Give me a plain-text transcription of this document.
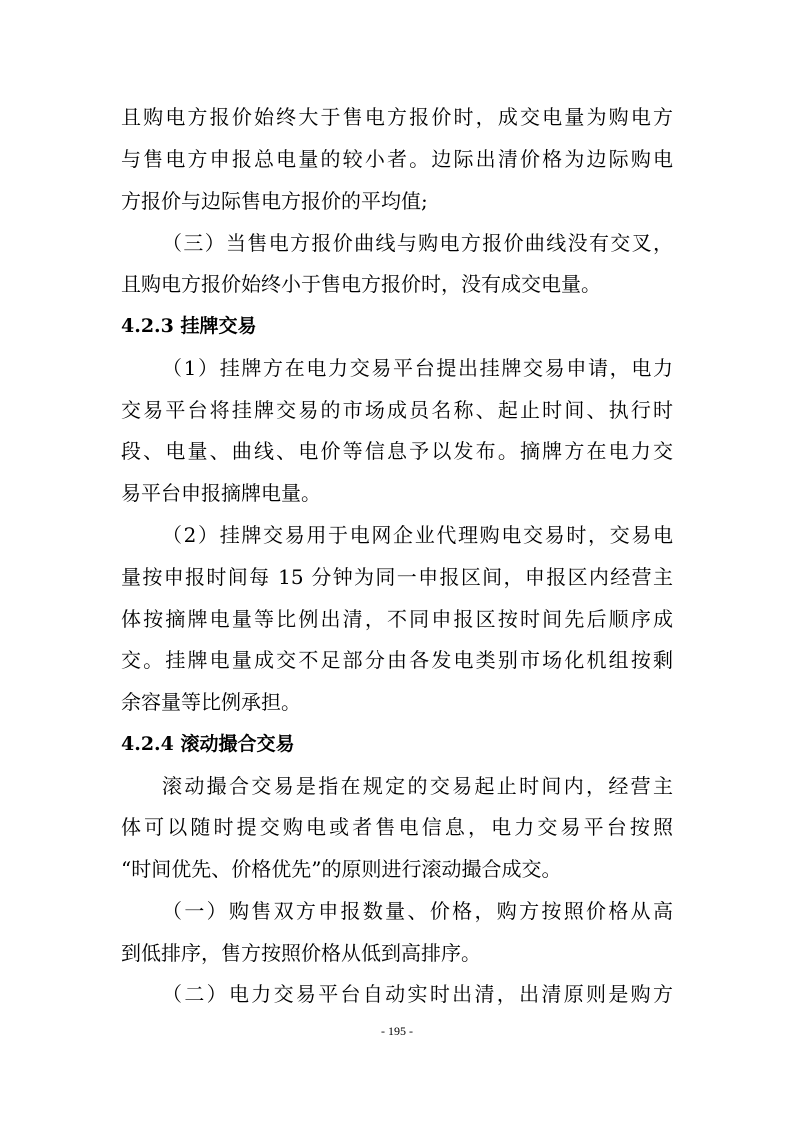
且购电方报价始终大于售电方报价时，成交电量为购电方
与售电方申报总电量的较小者。边际出清价格为边际购电
方报价与边际售电方报价的平均值;
（三）当售电方报价曲线与购电方报价曲线没有交叉，
且购电方报价始终小于售电方报价时，没有成交电量。
4.2.3 挂牌交易
（1）挂牌方在电力交易平台提出挂牌交易申请，电力
交易平台将挂牌交易的市场成员名称、起止时间、执行时
段、电量、曲线、电价等信息予以发布。摘牌方在电力交
易平台申报摘牌电量。
（2）挂牌交易用于电网企业代理购电交易时，交易电
量按申报时间每 15 分钟为同一申报区间，申报区内经营主
体按摘牌电量等比例出清，不同申报区按时间先后顺序成
交。挂牌电量成交不足部分由各发电类别市场化机组按剩
余容量等比例承担。
4.2.4 滚动撮合交易
滚动撮合交易是指在规定的交易起止时间内，经营主
体可以随时提交购电或者售电信息，电力交易平台按照
“时间优先、价格优先”的原则进行滚动撮合成交。
（一）购售双方申报数量、价格，购方按照价格从高
到低排序，售方按照价格从低到高排序。
（二）电力交易平台自动实时出清，出清原则是购方
- 195 -
